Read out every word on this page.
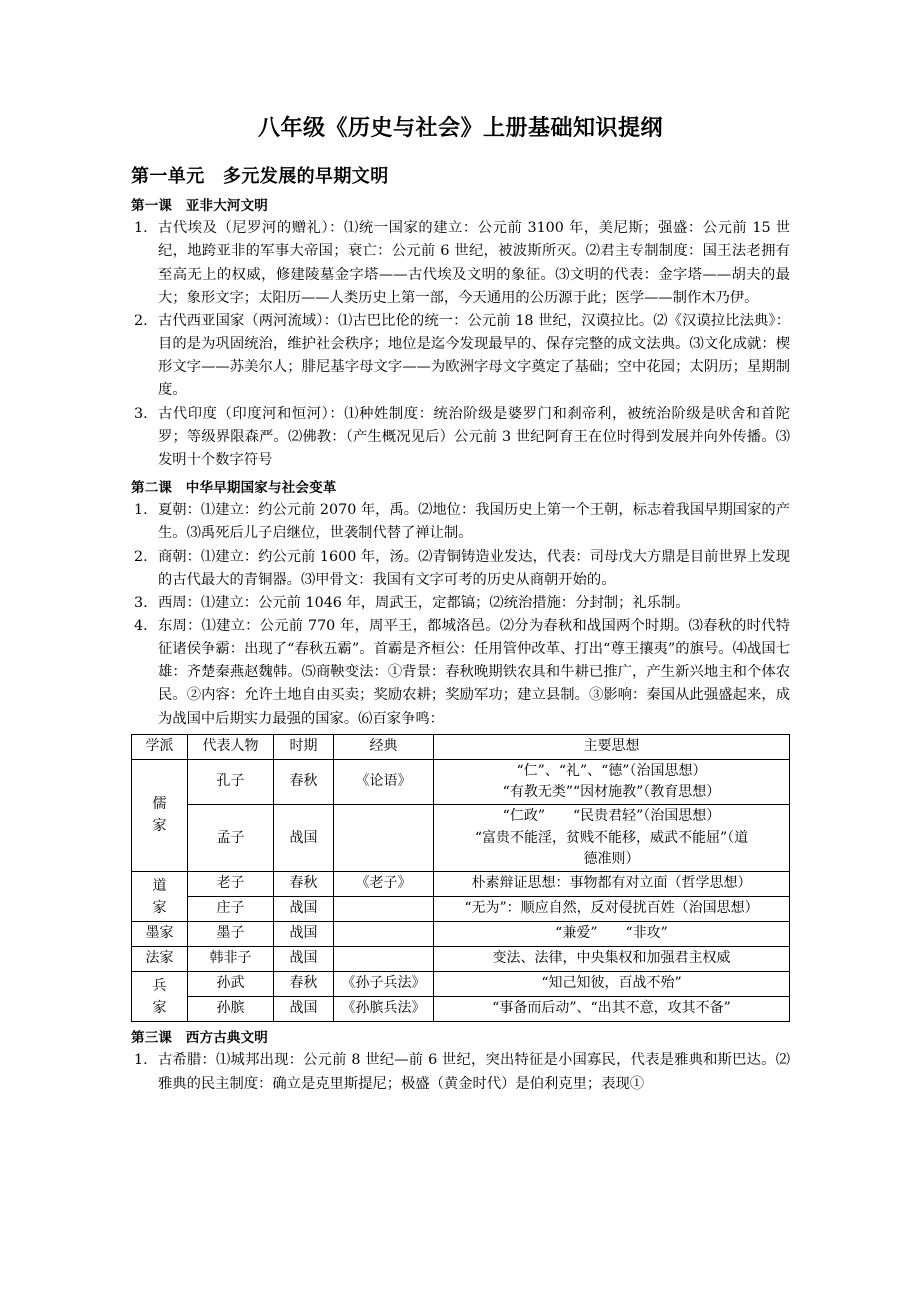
八年级《历史与社会》上册基础知识提纲
第一单元　多元发展的早期文明
第一课　亚非大河文明
1. 古代埃及（尼罗河的赠礼）：⑴统一国家的建立：公元前 3100 年，美尼斯；强盛：公元前 15 世纪，地跨亚非的军事大帝国；衰亡：公元前 6 世纪，被波斯所灭。⑵君主专制制度：国王法老拥有至高无上的权威，修建陵墓金字塔——古代埃及文明的象征。⑶文明的代表：金字塔——胡夫的最大；象形文字；太阳历——人类历史上第一部，今天通用的公历源于此；医学——制作木乃伊。
2. 古代西亚国家（两河流域）：⑴古巴比伦的统一：公元前 18 世纪，汉谟拉比。⑵《汉谟拉比法典》：目的是为巩固统治，维护社会秩序；地位是迄今发现最早的、保存完整的成文法典。⑶文化成就：楔形文字——苏美尔人；腓尼基字母文字——为欧洲字母文字奠定了基础；空中花园；太阴历；星期制度。
3. 古代印度（印度河和恒河）：⑴种姓制度：统治阶级是婆罗门和刹帝利，被统治阶级是吠舍和首陀罗；等级界限森严。⑵佛教：（产生概况见后）公元前 3 世纪阿育王在位时得到发展并向外传播。⑶发明十个数字符号
第二课　中华早期国家与社会变革
1. 夏朝：⑴建立：约公元前 2070 年，禹。⑵地位：我国历史上第一个王朝，标志着我国早期国家的产生。⑶禹死后儿子启继位，世袭制代替了禅让制。
2. 商朝：⑴建立：约公元前 1600 年，汤。⑵青铜铸造业发达，代表：司母戊大方鼎是目前世界上发现的古代最大的青铜器。⑶甲骨文：我国有文字可考的历史从商朝开始的。
3. 西周：⑴建立：公元前 1046 年，周武王，定都镐；⑵统治措施：分封制；礼乐制。
4. 东周：⑴建立：公元前 770 年，周平王，都城洛邑。⑵分为春秋和战国两个时期。⑶春秋的时代特征诸侯争霸：出现了“春秋五霸”。首霸是齐桓公：任用管仲改革、打出“尊王攘夷”的旗号。⑷战国七雄：齐楚秦燕赵魏韩。⑸商鞅变法：①背景：春秋晚期铁农具和牛耕已推广，产生新兴地主和个体农民。②内容：允许土地自由买卖；奖励农耕；奖励军功；建立县制。③影响：秦国从此强盛起来，成为战国中后期实力最强的国家。⑹百家争鸣：
学派	代表人物	时期	经典	主要思想

儒
家	孔子	春秋	《论语》	“仁”、“礼”、“德”（治国思想）
“有教无类”“因材施教”（教育思想）

	孟子	战国		“仁政”　　“民贵君轻”（治国思想）
“富贵不能淫，贫贱不能移，威武不能屈”（道
德准则）

道
家	老子	春秋	《老子》	朴素辩证思想：事物都有对立面（哲学思想）
	庄子	战国		“无为”：顺应自然，反对侵扰百姓（治国思想）
墨家	墨子	战国		“兼爱”　　“非攻”
法家	韩非子	战国		变法、法律，中央集权和加强君主权威

兵
家	孙武	春秋	《孙子兵法》	“知己知彼，百战不殆”
	孙膑	战国	《孙膑兵法》	“事备而后动”、“出其不意，攻其不备”
第三课　西方古典文明
1. 古希腊：⑴城邦出现：公元前 8 世纪—前 6 世纪，突出特征是小国寡民，代表是雅典和斯巴达。⑵雅典的民主制度：确立是克里斯提尼；极盛（黄金时代）是伯利克里；表现①
